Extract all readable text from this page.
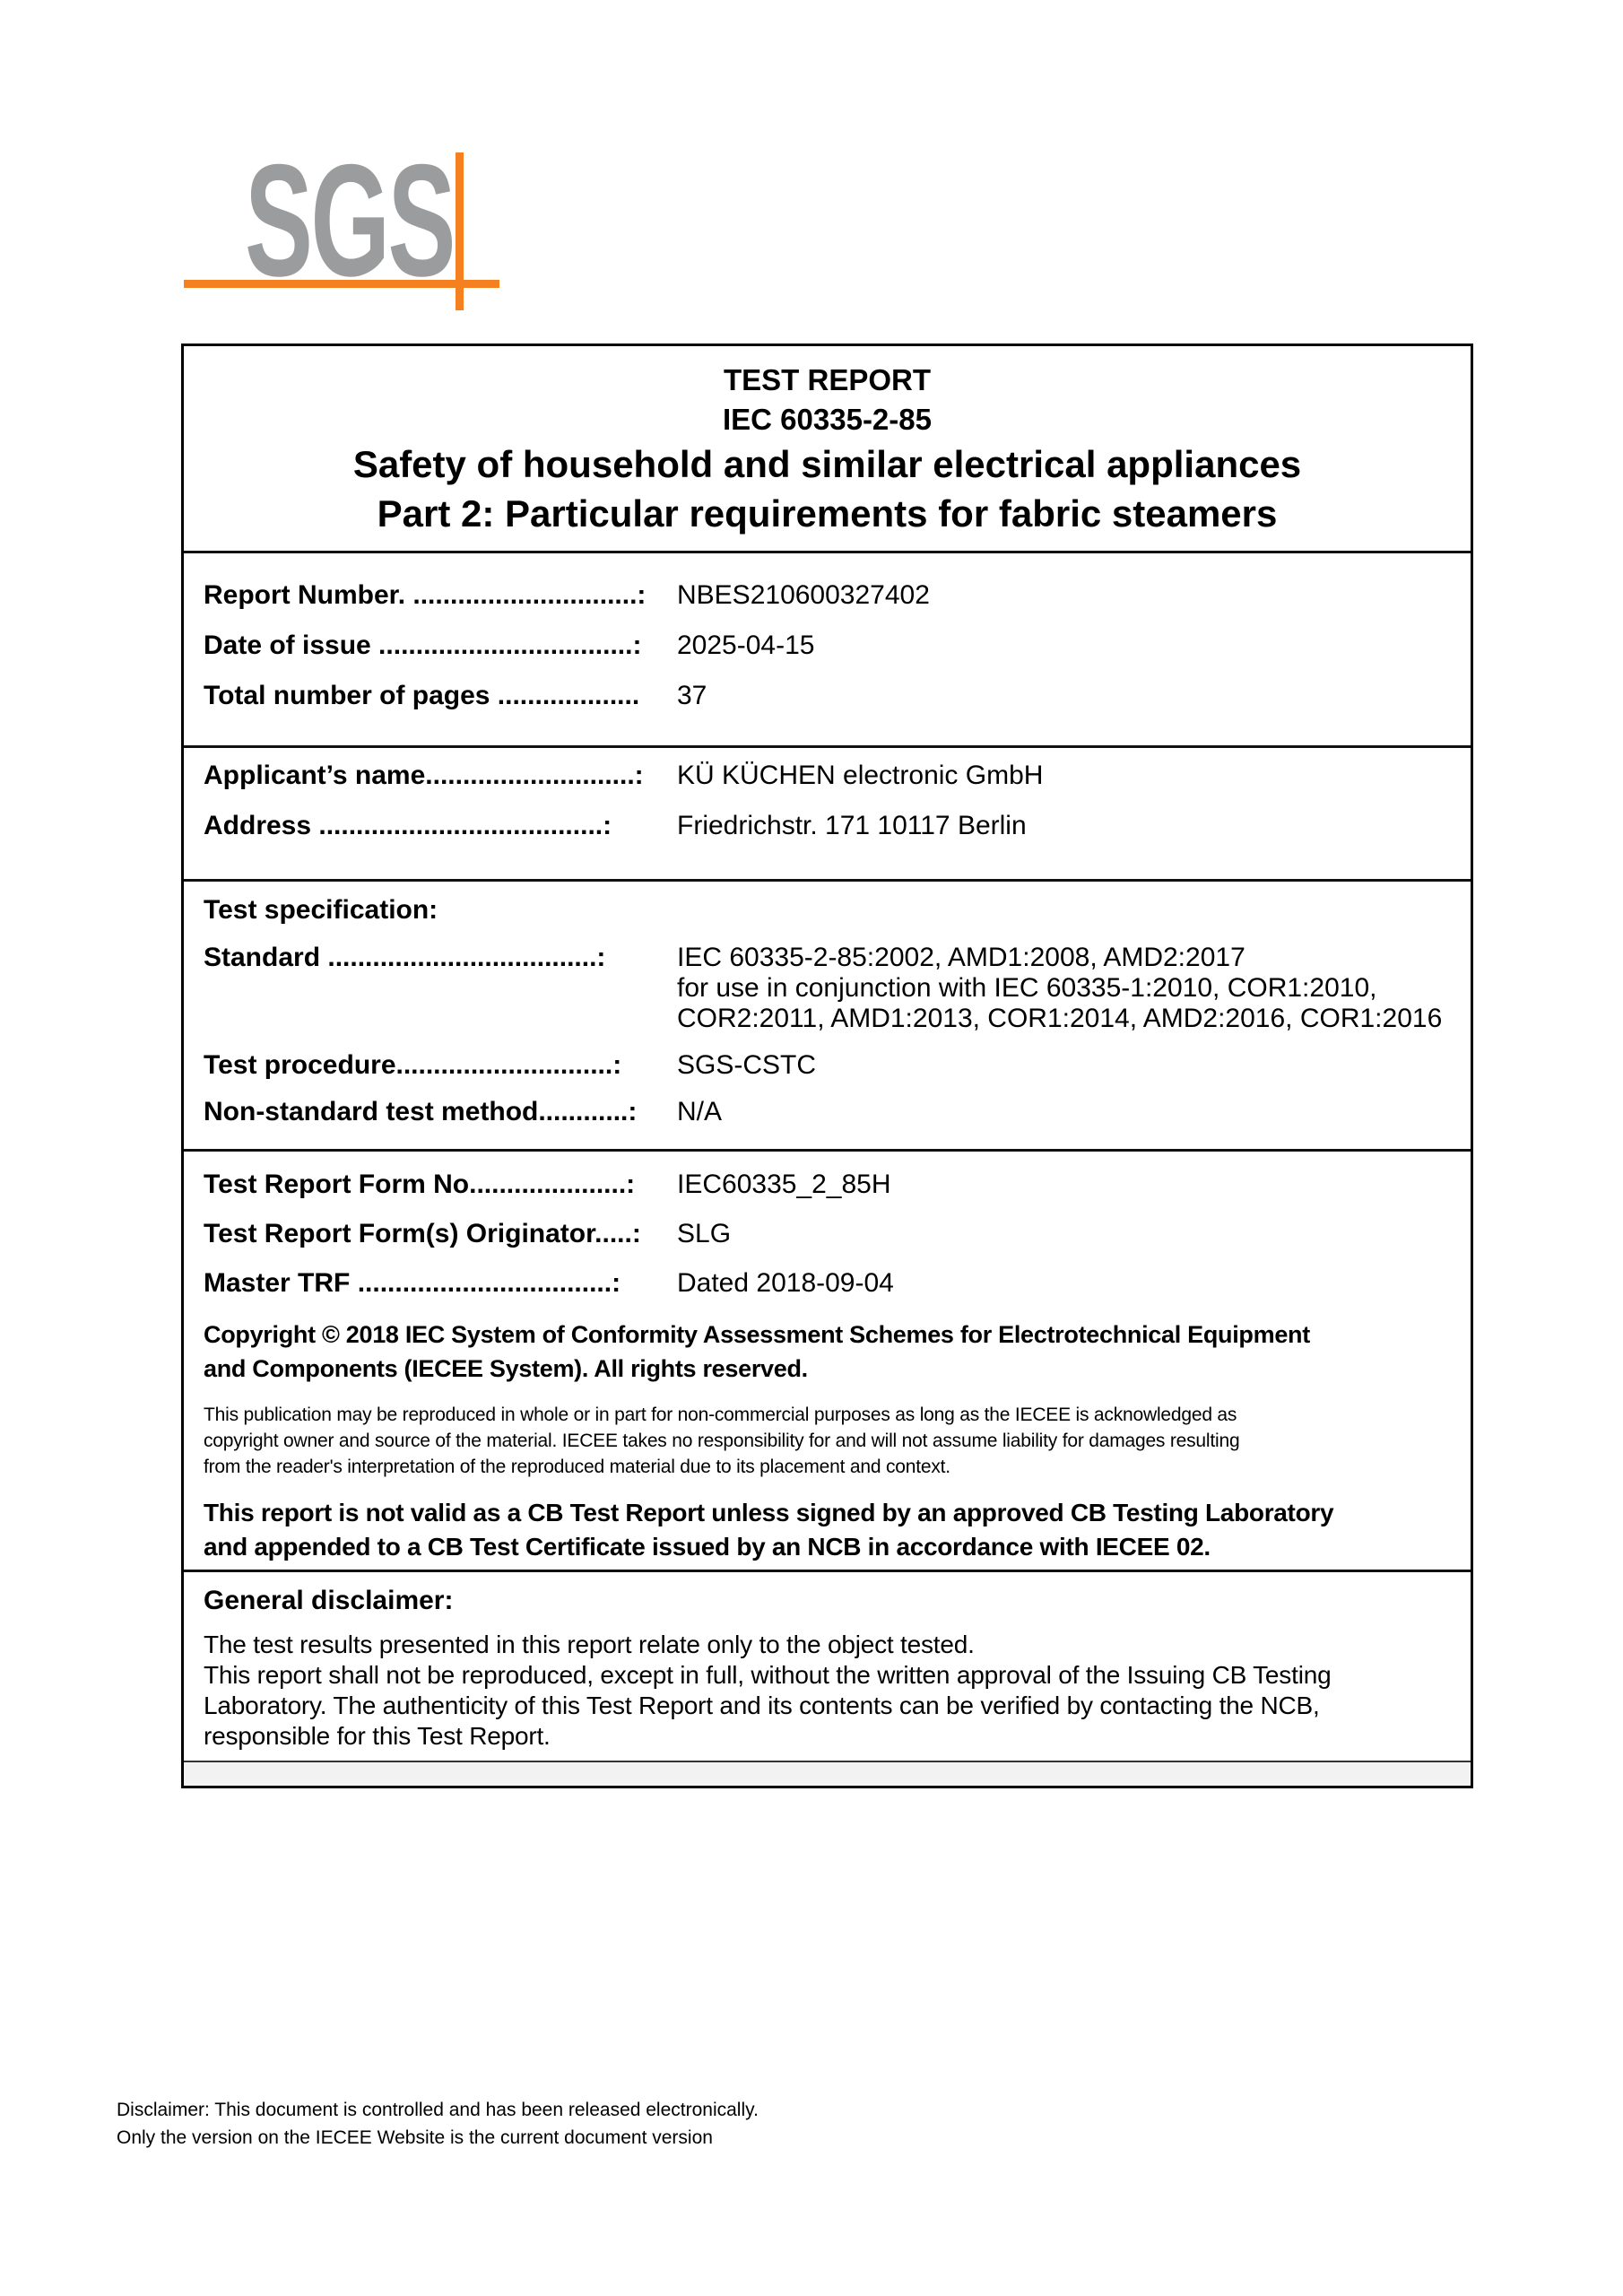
SGS
TEST REPORT
IEC 60335-2-85
Safety of household and similar electrical appliances
Part 2: Particular requirements for fabric steamers
Report Number. ..............................:	NBES210600327402
Date of issue ..................................:	2025-04-15
Total number of pages ...................	37
Applicant’s name............................:	KÜ KÜCHEN electronic GmbH
Address ......................................:	Friedrichstr. 171 10117 Berlin
Test specification:
Standard ....................................:	IEC 60335-2-85:2002, AMD1:2008, AMD2:2017
for use in conjunction with IEC 60335-1:2010, COR1:2010,
COR2:2011, AMD1:2013, COR1:2014, AMD2:2016, COR1:2016
Test procedure.............................:	SGS-CSTC
Non-standard test method............:	N/A
Test Report Form No.....................:	IEC60335_2_85H
Test Report Form(s) Originator.....:	SLG
Master TRF ..................................:	Dated 2018-09-04
Copyright © 2018 IEC System of Conformity Assessment Schemes for Electrotechnical Equipment
and Components (IECEE System). All rights reserved.
This publication may be reproduced in whole or in part for non-commercial purposes as long as the IECEE is acknowledged as
copyright owner and source of the material. IECEE takes no responsibility for and will not assume liability for damages resulting
from the reader's interpretation of the reproduced material due to its placement and context.
This report is not valid as a CB Test Report unless signed by an approved CB Testing Laboratory
and appended to a CB Test Certificate issued by an NCB in accordance with IECEE 02.
General disclaimer:
The test results presented in this report relate only to the object tested.
This report shall not be reproduced, except in full, without the written approval of the Issuing CB Testing
Laboratory. The authenticity of this Test Report and its contents can be verified by contacting the NCB,
responsible for this Test Report.
Disclaimer: This document is controlled and has been released electronically.
Only the version on the IECEE Website is the current document version
